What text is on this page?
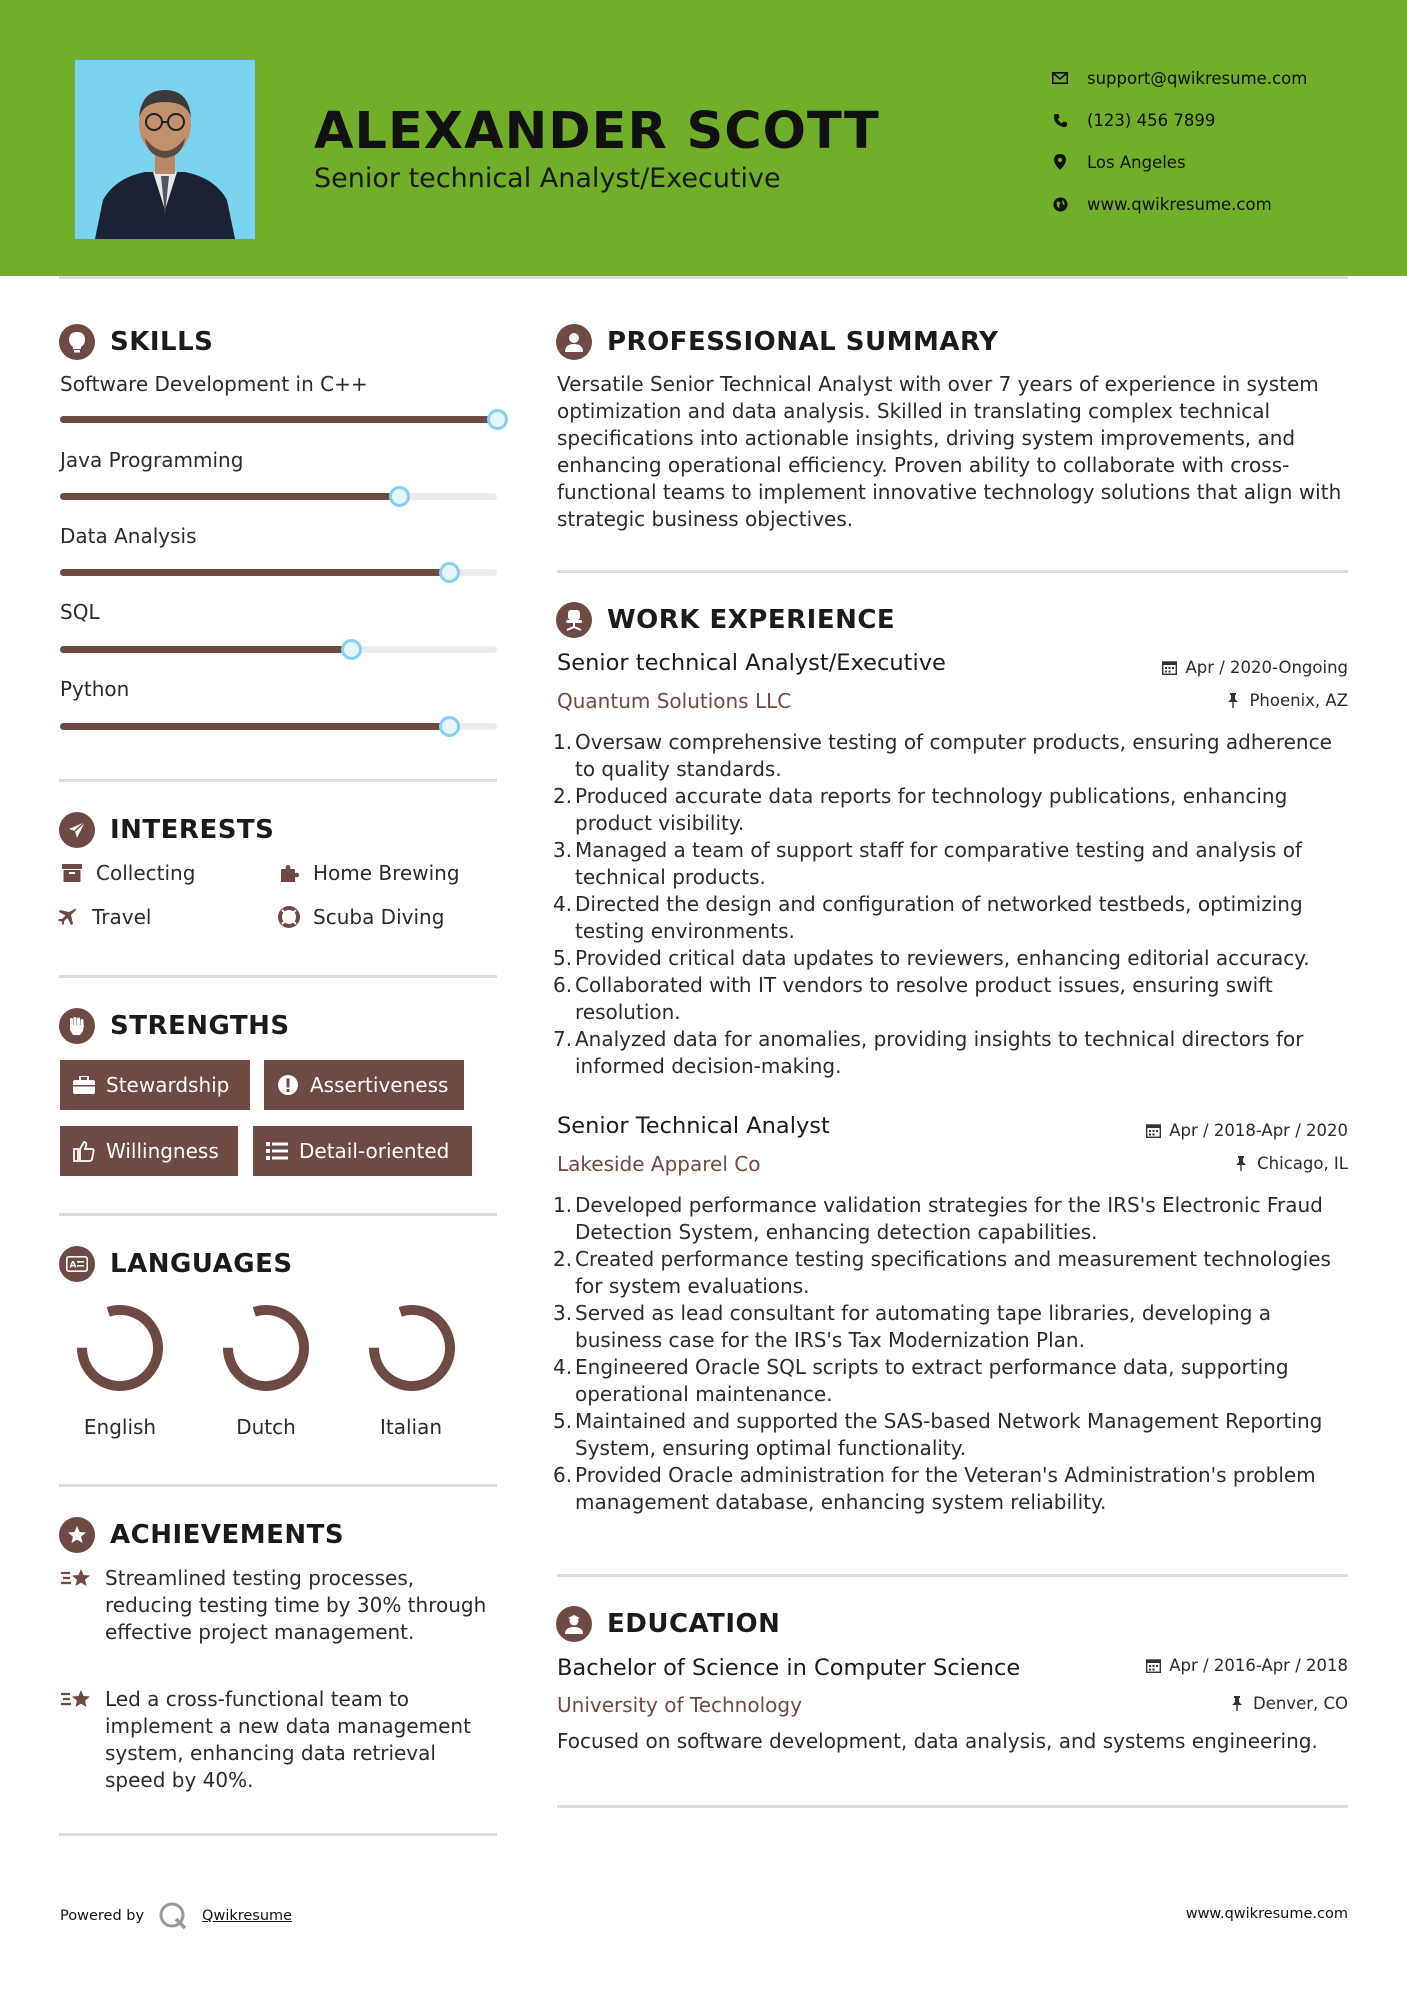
ALEXANDER SCOTT
Senior technical Analyst/Executive
support@qwikresume.com
(123) 456 7899
Los Angeles
www.qwikresume.com
SKILLS
Software Development in C++
Java Programming
Data Analysis
SQL
Python
INTERESTS
Collecting	Home Brewing
Travel	Scuba Diving
STRENGTHS
Stewardship	Assertiveness
Willingness	Detail-oriented
A LANGUAGES
English	Dutch	Italian
ACHIEVEMENTS

Streamlined testing processes, reducing testing time by 30% through effective project management.

Led a cross-functional team to implement a new data management system, enhancing data retrieval speed by 40%.

PROFESSIONAL SUMMARY

Versatile Senior Technical Analyst with over 7 years of experience in system optimization and data analysis. Skilled in translating complex technical specifications into actionable insights, driving system improvements, and enhancing operational efficiency. Proven ability to collaborate with cross-functional teams to implement innovative technology solutions that align with strategic business objectives.

WORK EXPERIENCE
Senior technical Analyst/Executive	Apr / 2020-Ongoing
Quantum Solutions LLC	Phoenix, AZ
1. Oversaw comprehensive testing of computer products, ensuring adherence to quality standards.
2. Produced accurate data reports for technology publications, enhancing product visibility.
3. Managed a team of support staff for comparative testing and analysis of technical products.
4. Directed the design and configuration of networked testbeds, optimizing testing environments.
5. Provided critical data updates to reviewers, enhancing editorial accuracy.
6. Collaborated with IT vendors to resolve product issues, ensuring swift resolution.
7. Analyzed data for anomalies, providing insights to technical directors for informed decision-making.
Senior Technical Analyst	Apr / 2018-Apr / 2020
Lakeside Apparel Co	Chicago, IL
1. Developed performance validation strategies for the IRS's Electronic Fraud Detection System, enhancing detection capabilities.
2. Created performance testing specifications and measurement technologies for system evaluations.
3. Served as lead consultant for automating tape libraries, developing a business case for the IRS's Tax Modernization Plan.
4. Engineered Oracle SQL scripts to extract performance data, supporting operational maintenance.
5. Maintained and supported the SAS-based Network Management Reporting System, ensuring optimal functionality.
6. Provided Oracle administration for the Veteran's Administration's problem management database, enhancing system reliability.
EDUCATION
Bachelor of Science in Computer Science	Apr / 2016-Apr / 2018
University of Technology	Denver, CO
Focused on software development, data analysis, and systems engineering.
Powered by	Qwikresume	www.qwikresume.com
